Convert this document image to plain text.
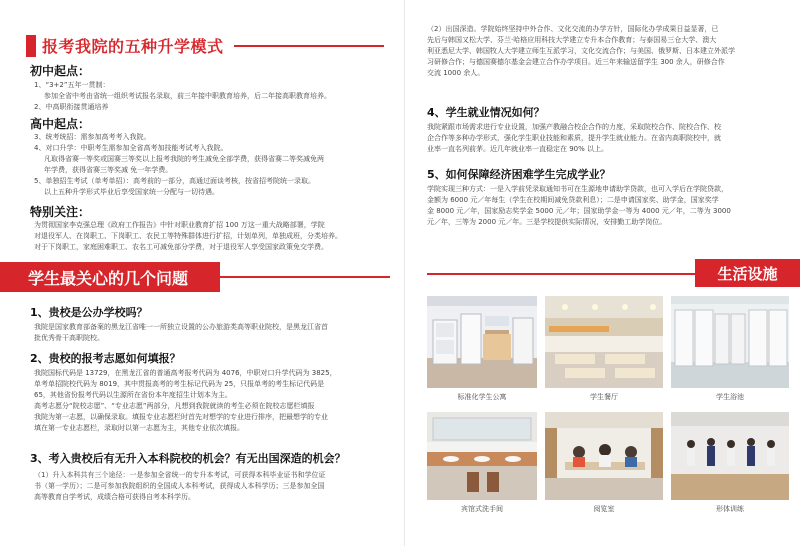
报考我院的五种升学模式
初中起点：
1、“3+2”五年一贯制：
参加全省中考由省统一组织考试报名录取，前三年接中职教育培养，后二年接高职教育培养。
2、中高职衔接贯通培养
高中起点：
3、统考统招：需参加高考考入我院。
4、对口升学：中职考生需参加全省高考加技能考试考入我院。
凡取得省赛一等奖或国赛三等奖以上报考我院的考生减免全部学费，获得省赛二等奖减免两
年学费，获得省赛三等奖减 免一年学费。
5、单独招生考试（单考单招）：高考前的一部分，高通过面谈考核，按省招考院统一录取。
以上五种升学形式毕业后享受国家统一分配与一切待遇。
特别关注：
为贯彻国家李克强总理《政府工作报告》中针对职业教育扩招 100 万这一重大战略部署，学院
对退役军人、在岗职工、下岗职工、农民工等特殊群体进行扩招，计划单列，单独成班，分类培养。
对于下岗职工，家庭困难职工、农名工可减免部分学费，对于退役军人享受国家政策免交学费。
学生最关心的几个问题
1、贵校是公办学校吗？
我院是国家教育部备案的黑龙江省唯一一所独立设置的公办旅游类高等职业院校，是黑龙江省首
批优秀骨干高职院校。
2、贵校的报考志愿如何填报？
我院国标代码是 13729，在黑龙江省的普通高考报考代码为 4076，中职对口升学代码为 3825，
单考单招院校代码为 8019，其中贯报高考的考生标记代码为 25，只报单考的考生标记代码是
65，其他省份报考代码以生源所在省份本年度招生计划本为主。
高考志愿分“院校志愿”、“专业志愿”两部分，凡想到我院就读的考生必须在院校志愿栏填报
我院为第一志愿，以确保录取。填报专业志愿栏时首先对想学的专业进行排序，把最想学的专业
填在第一专业志愿栏，录取时以第一志愿为主，其他专业依次填报。
3、考入贵校后有无升入本科院校的机会？有无出国深造的机会？
（1）升入本科共有三个途径：一是参加全省统一的专升本考试，可获得本科毕业证书和学位证
书（第一学历）；二是可参加我院组织的全国成人本科考试，获得成人本科学历；三是参加全国
高等教育自学考试，成绩合格可获得自考本科学历。
（2）出国深造。学院始终坚持中外合作、文化交流的办学方针，国际化办学成果日益显著，已
先后与韩国又松大学、芬兰·哈格应用科技大学建立专升本合作教育；与泰国易三仓大学、澳大
利亚悉尼大学、韩国牧人大学建立师生互派学习，文化交流合作；与美国、俄罗斯、日本建立外派学
习研修合作；与德国赛德尔基金会建立合作办学项目。近三年来输送留学生 300 余人，研修合作
交流 1000 余人。
4、学生就业情况如何？
我院紧跟市场需求进行专业设置，加强产教融合校企合作的力度，采取院校合作、院校合作、校
企合作等多种办学形式，强化学生职业技能和素质，提升学生就业能力。在省内高职院校中，就
业率一直名列前茅。近几年就业率一直稳定在 90% 以上。
5、如何保障经济困难学生完成学业？
学院实现三种方式：一是入学前凭录取通知书可在生源地申请助学贷款，也可入学后在学院贷款，
金额为 6000 元／年每生（学生在校期间减免贷款利息）；二是申请国家奖、助学金，国家奖学
金 8000 元／年，国家励志奖学金 5000 元／年；国家助学金一等为 4000 元／年，二等为 3000
元／年，三等为 2000 元／年。三是学校提供实际情况，安排勤工助学岗位。
生活设施
标准化学生公寓	学生餐厅	学生浴池
宾馆式洗手间	阅览室	形体训练
